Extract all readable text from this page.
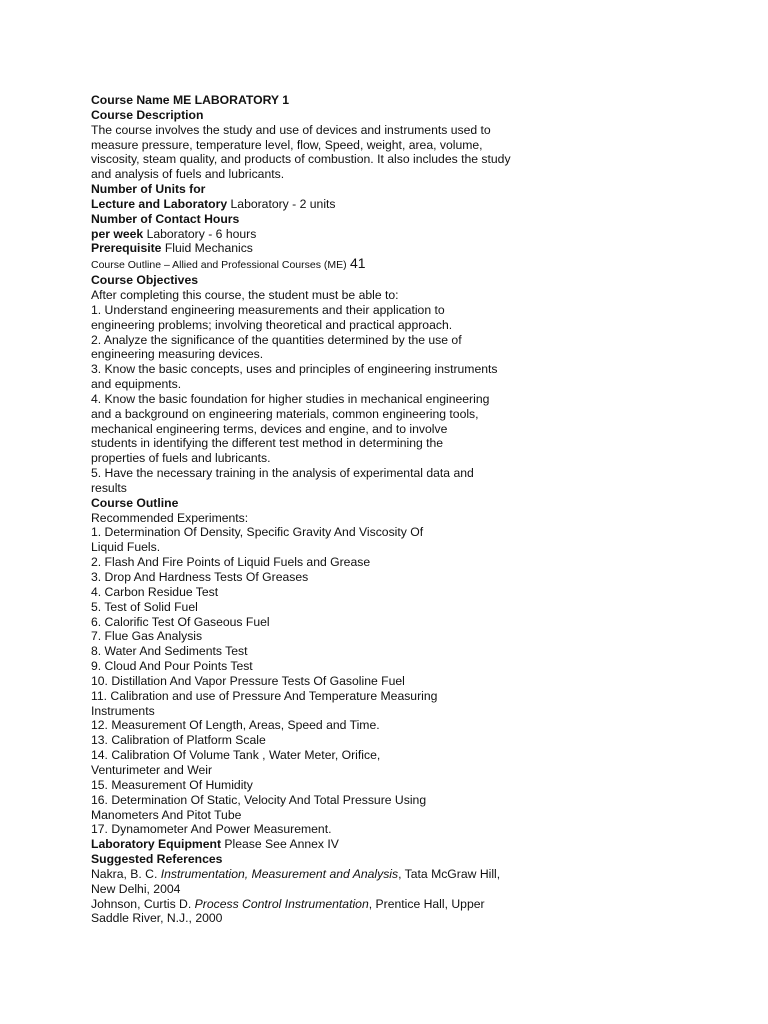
Course Name ME LABORATORY 1
Course Description
The course involves the study and use of devices and instruments used to
measure pressure, temperature level, flow, Speed, weight, area, volume,
viscosity, steam quality, and products of combustion. It also includes the study
and analysis of fuels and lubricants.
Number of Units for
Lecture and Laboratory Laboratory - 2 units
Number of Contact Hours
per week Laboratory - 6 hours
Prerequisite Fluid Mechanics
Course Outline – Allied and Professional Courses (ME) 41
Course Objectives
After completing this course, the student must be able to:
1. Understand engineering measurements and their application to
engineering problems; involving theoretical and practical approach.
2. Analyze the significance of the quantities determined by the use of
engineering measuring devices.
3. Know the basic concepts, uses and principles of engineering instruments
and equipments.
4. Know the basic foundation for higher studies in mechanical engineering
and a background on engineering materials, common engineering tools,
mechanical engineering terms, devices and engine, and to involve
students in identifying the different test method in determining the
properties of fuels and lubricants.
5. Have the necessary training in the analysis of experimental data and
results
Course Outline
Recommended Experiments:
1. Determination Of Density, Specific Gravity And Viscosity Of
Liquid Fuels.
2. Flash And Fire Points of Liquid Fuels and Grease
3. Drop And Hardness Tests Of Greases
4. Carbon Residue Test
5. Test of Solid Fuel
6. Calorific Test Of Gaseous Fuel
7. Flue Gas Analysis
8. Water And Sediments Test
9. Cloud And Pour Points Test
10. Distillation And Vapor Pressure Tests Of Gasoline Fuel
11. Calibration and use of Pressure And Temperature Measuring
Instruments
12. Measurement Of Length, Areas, Speed and Time.
13. Calibration of Platform Scale
14. Calibration Of Volume Tank , Water Meter, Orifice,
Venturimeter and Weir
15. Measurement Of Humidity
16. Determination Of Static, Velocity And Total Pressure Using
Manometers And Pitot Tube
17. Dynamometer And Power Measurement.
Laboratory Equipment Please See Annex IV
Suggested References
Nakra, B. C. Instrumentation, Measurement and Analysis, Tata McGraw Hill,
New Delhi, 2004
Johnson, Curtis D. Process Control Instrumentation, Prentice Hall, Upper
Saddle River, N.J., 2000
